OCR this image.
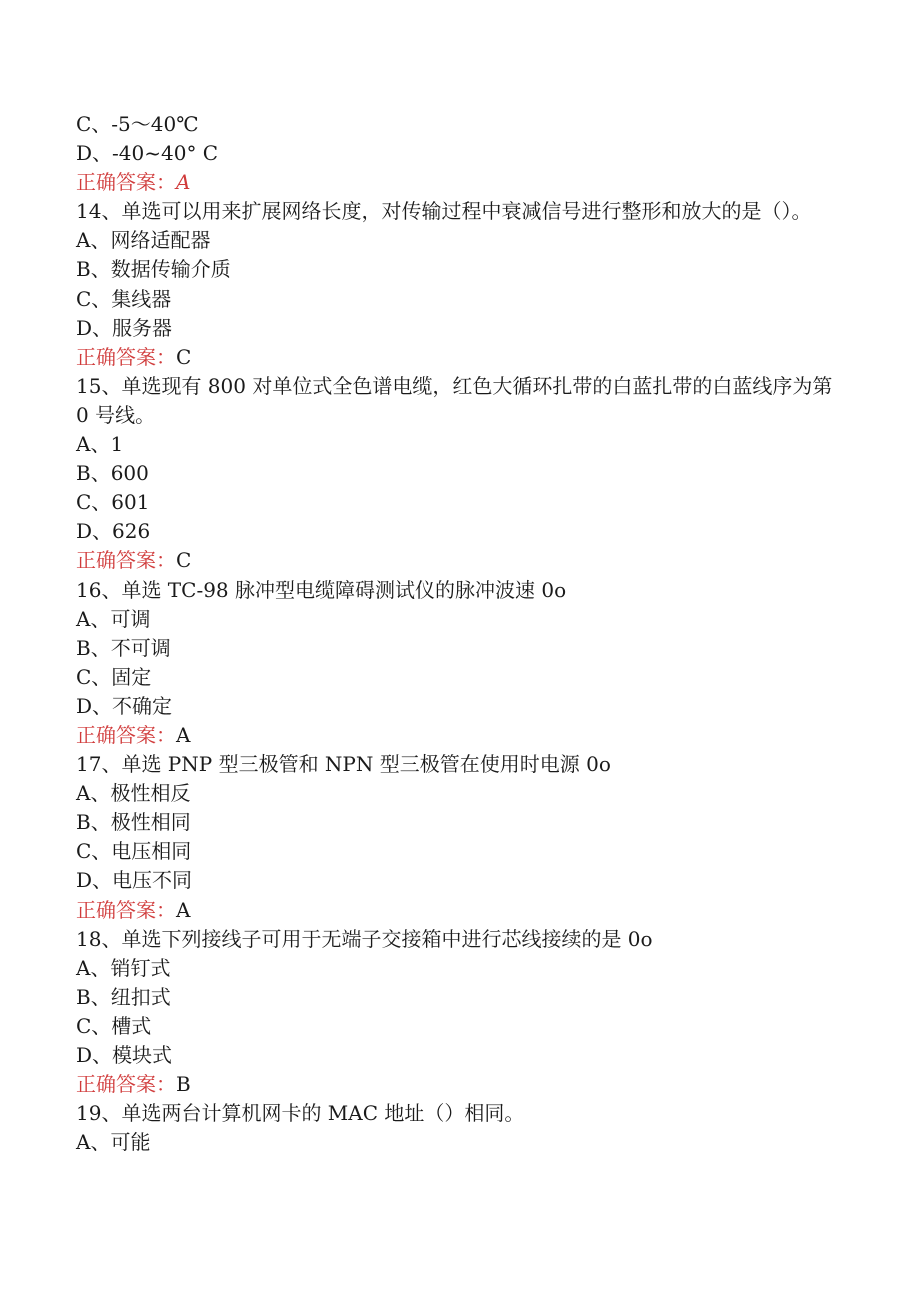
C、-5～40℃
D、-40~40° C
正确答案：A
14、单选可以用来扩展网络长度，对传输过程中衰减信号进行整形和放大的是（）。
A、网络适配器
B、数据传输介质
C、集线器
D、服务器
正确答案：C
15、单选现有 800 对单位式全色谱电缆，红色大循环扎带的白蓝扎带的白蓝线序为第 0 号线。
A、1
B、600
C、601
D、626
正确答案：C
16、单选 TC-98 脉冲型电缆障碍测试仪的脉冲波速 0o
A、可调
B、不可调
C、固定
D、不确定
正确答案：A
17、单选 PNP 型三极管和 NPN 型三极管在使用时电源 0o
A、极性相反
B、极性相同
C、电压相同
D、电压不同
正确答案：A
18、单选下列接线子可用于无端子交接箱中进行芯线接续的是 0o
A、销钉式
B、纽扣式
C、槽式
D、模块式
正确答案：B
19、单选两台计算机网卡的 MAC 地址（）相同。
A、可能
